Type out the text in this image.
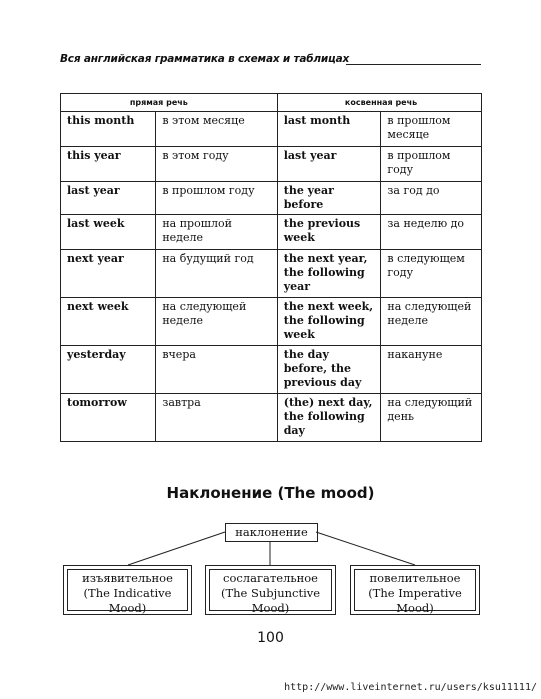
Вся английская грамматика в схемах и таблицах
	прямая речь		косвенная речь
this month	в этом месяце	last month	в прошлом месяце
this year	в этом году	last year	в прошлом году
last year	в прошлом году	the year before	за год до
last week	на прошлой неделе	the previous week	за неделю до
next year	на будущий год	the next year, the following year	в следующем году
next week	на следующей неделе	the next week, the following week	на следующей неделе
yesterday	вчера	the day before, the previous day	накануне
tomorrow	завтра	(the) next day, the following day	на следующий день
Наклонение (The mood)
наклонение
изъявительное
(The Indicative Mood)
сослагательное
(The Subjunctive Mood)
повелительное
(The Imperative Mood)
100
http://www.liveinternet.ru/users/ksu11111/
